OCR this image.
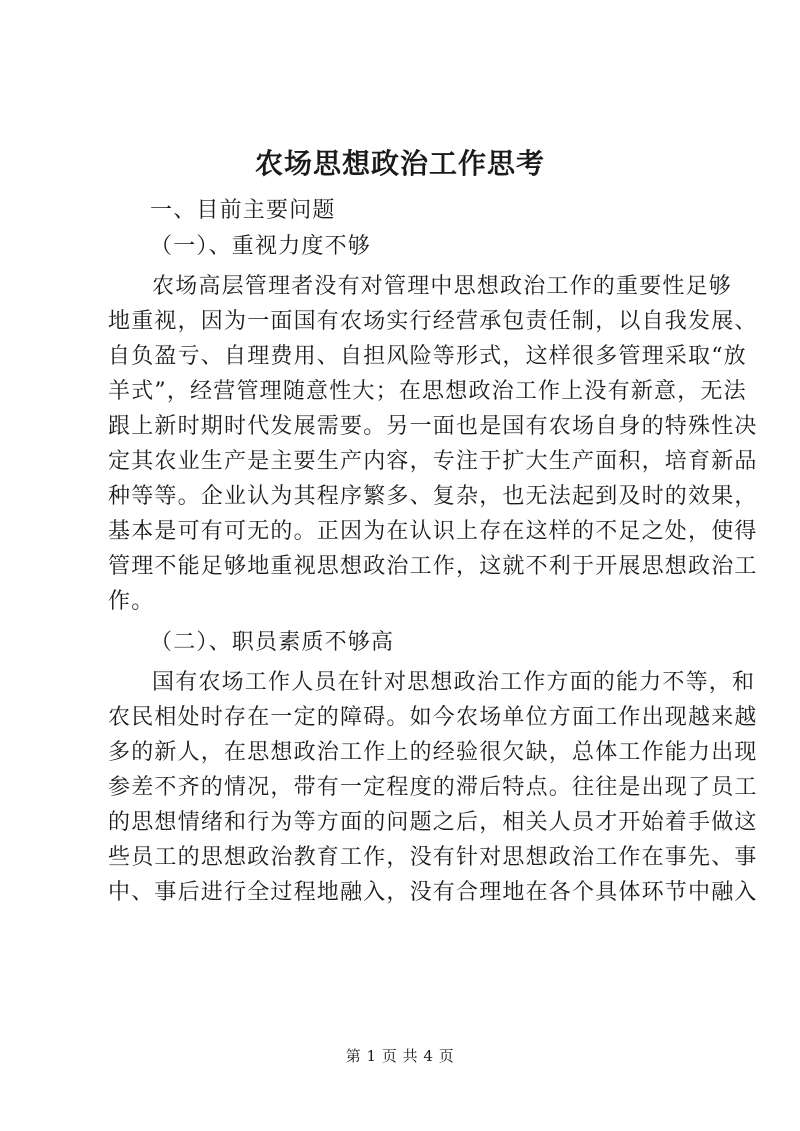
农场思想政治工作思考
一、目前主要问题
（一）、重视力度不够
农场高层管理者没有对管理中思想政治工作的重要性足够
地重视，因为一面国有农场实行经营承包责任制，以自我发展、
自负盈亏、自理费用、自担风险等形式，这样很多管理采取“放
羊式”，经营管理随意性大；在思想政治工作上没有新意，无法
跟上新时期时代发展需要。另一面也是国有农场自身的特殊性决
定其农业生产是主要生产内容，专注于扩大生产面积，培育新品
种等等。企业认为其程序繁多、复杂，也无法起到及时的效果，
基本是可有可无的。正因为在认识上存在这样的不足之处，使得
管理不能足够地重视思想政治工作，这就不利于开展思想政治工
作。
（二）、职员素质不够高
国有农场工作人员在针对思想政治工作方面的能力不等，和
农民相处时存在一定的障碍。如今农场单位方面工作出现越来越
多的新人，在思想政治工作上的经验很欠缺，总体工作能力出现
参差不齐的情况，带有一定程度的滞后特点。往往是出现了员工
的思想情绪和行为等方面的问题之后，相关人员才开始着手做这
些员工的思想政治教育工作，没有针对思想政治工作在事先、事
中、事后进行全过程地融入，没有合理地在各个具体环节中融入
第 1 页 共 4 页
